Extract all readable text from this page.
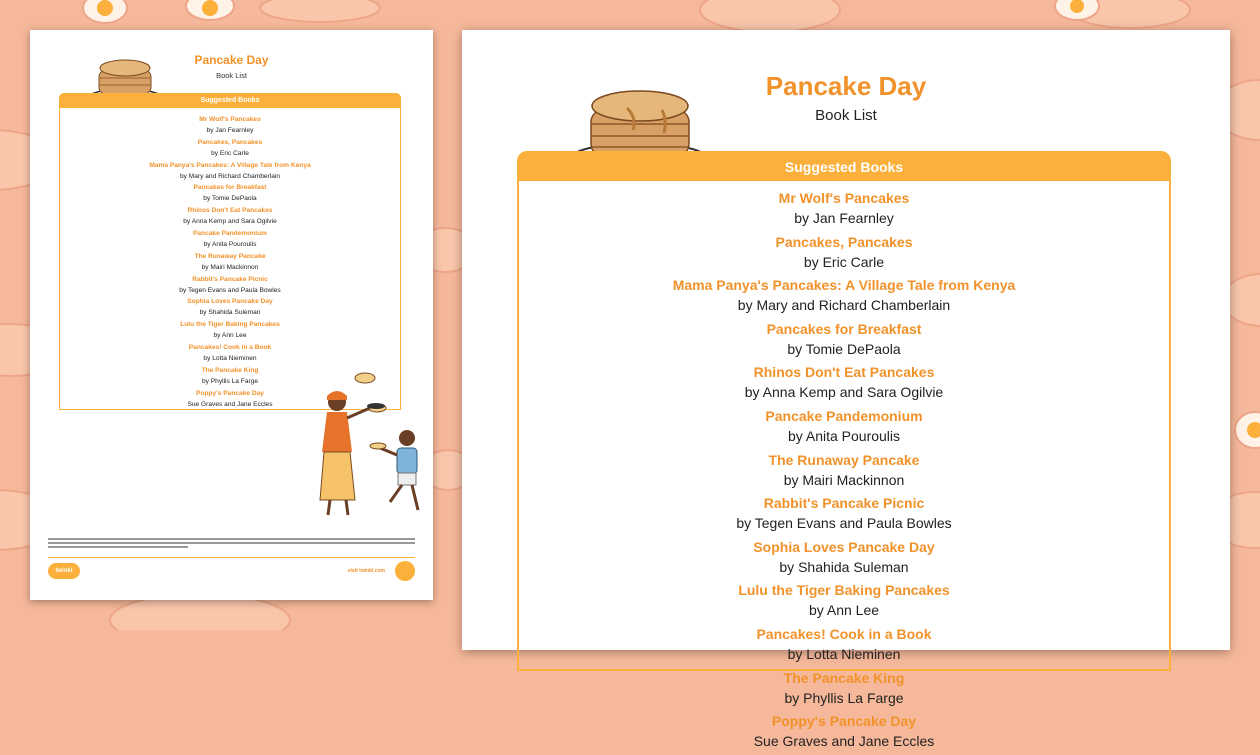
Pancake Day
Book List
Suggested Books
Mr Wolf's Pancakes
by Jan Fearnley
Pancakes, Pancakes
by Eric Carle
Mama Panya's Pancakes: A Village Tale from Kenya
by Mary and Richard Chamberlain
Pancakes for Breakfast
by Tomie DePaola
Rhinos Don't Eat Pancakes
by Anna Kemp and Sara Ogilvie
Pancake Pandemonium
by Anita Pouroulis
The Runaway Pancake
by Mairi Mackinnon
Rabbit's Pancake Picnic
by Tegen Evans and Paula Bowles
Sophia Loves Pancake Day
by Shahida Suleman
Lulu the Tiger Baking Pancakes
by Ann Lee
Pancakes! Cook in a Book
by Lotta Nieminen
The Pancake King
by Phyllis La Farge
Poppy's Pancake Day
Sue Graves and Jane Eccles
twinkl	visit twinkl.com
Pancake Day
Book List
Suggested Books
Mr Wolf's Pancakes
by Jan Fearnley
Pancakes, Pancakes
by Eric Carle
Mama Panya's Pancakes: A Village Tale from Kenya
by Mary and Richard Chamberlain
Pancakes for Breakfast
by Tomie DePaola
Rhinos Don't Eat Pancakes
by Anna Kemp and Sara Ogilvie
Pancake Pandemonium
by Anita Pouroulis
The Runaway Pancake
by Mairi Mackinnon
Rabbit's Pancake Picnic
by Tegen Evans and Paula Bowles
Sophia Loves Pancake Day
by Shahida Suleman
Lulu the Tiger Baking Pancakes
by Ann Lee
Pancakes! Cook in a Book
by Lotta Nieminen
The Pancake King
by Phyllis La Farge
Poppy's Pancake Day
Sue Graves and Jane Eccles
